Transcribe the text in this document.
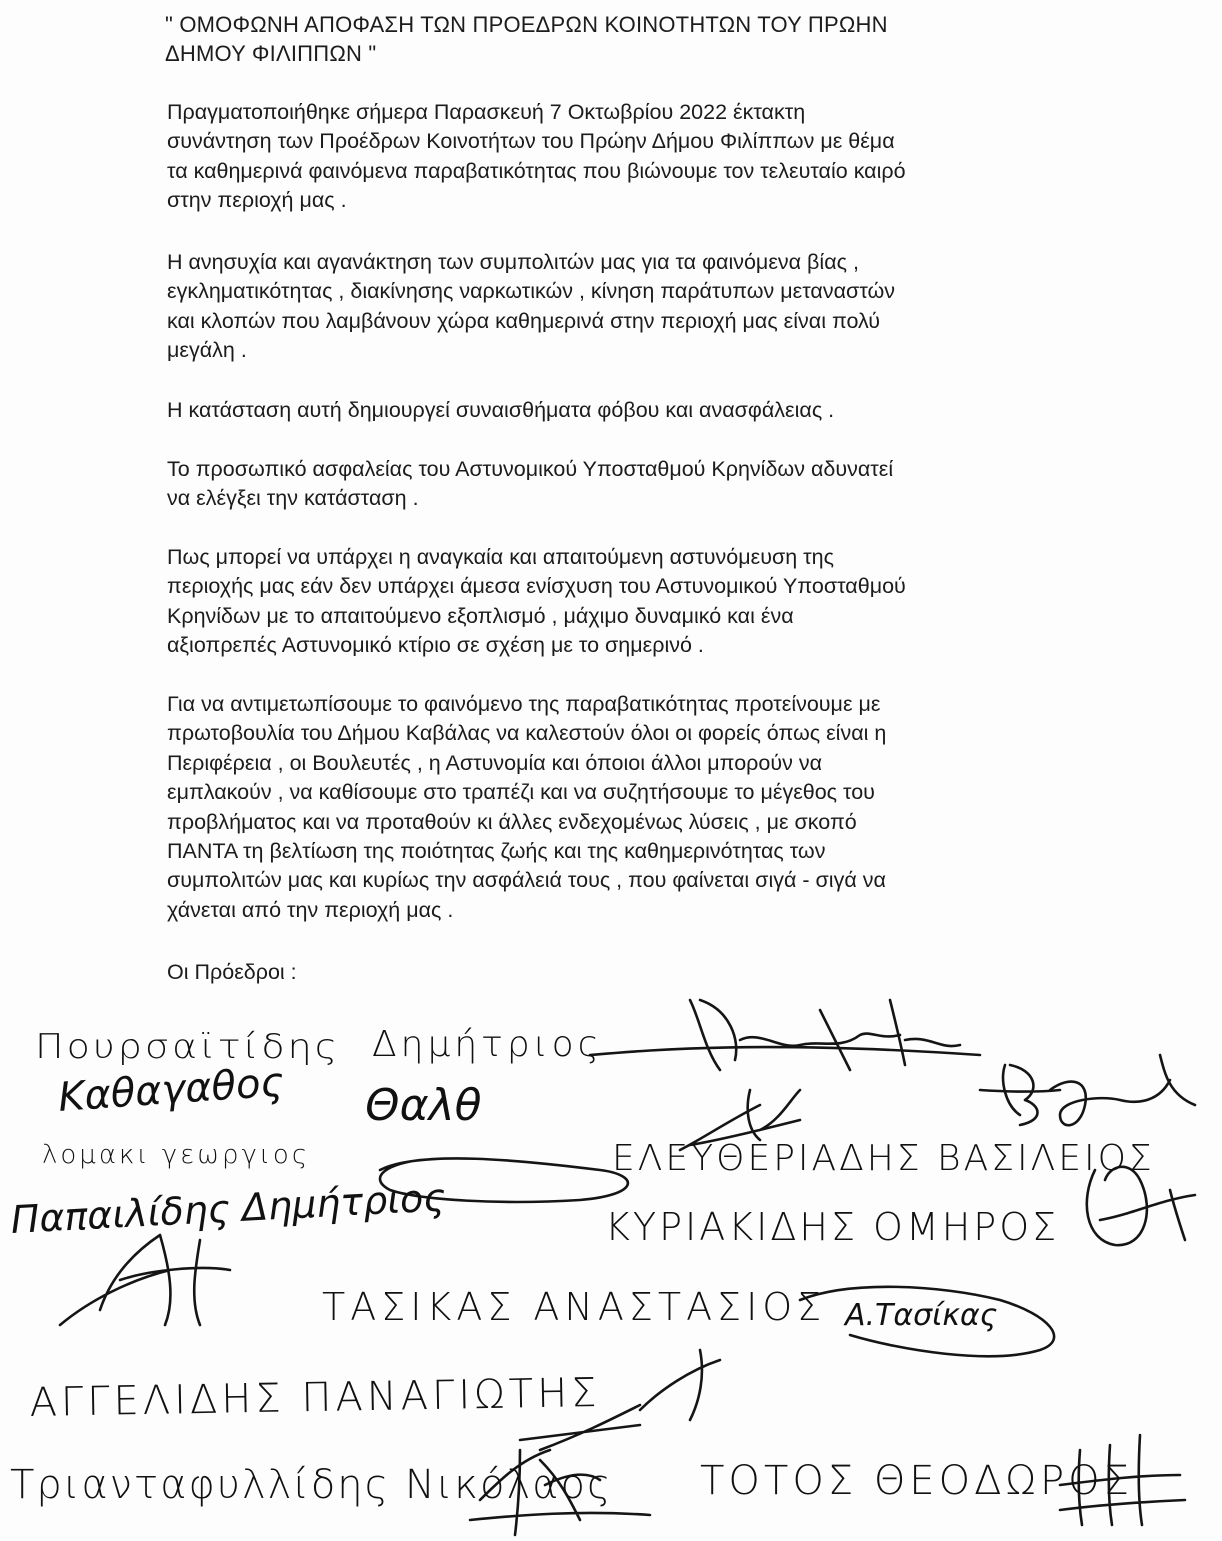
" ΟΜΟΦΩΝΗ ΑΠΟΦΑΣΗ ΤΩΝ ΠΡΟΕΔΡΩΝ ΚΟΙΝΟΤΗΤΩΝ ΤΟΥ ΠΡΩΗΝ
ΔΗΜΟΥ ΦΙΛΙΠΠΩΝ "

Πραγματοποιήθηκε σήμερα Παρασκευή 7 Οκτωβρίου 2022 έκτακτη
συνάντηση των Προέδρων Κοινοτήτων του Πρώην Δήμου Φιλίππων με θέμα
τα καθημερινά φαινόμενα παραβατικότητας που βιώνουμε τον τελευταίο καιρό
στην περιοχή μας .

Η ανησυχία και αγανάκτηση των συμπολιτών μας για τα φαινόμενα βίας ,
εγκληματικότητας , διακίνησης ναρκωτικών , κίνηση παράτυπων μεταναστών
και κλοπών που λαμβάνουν χώρα καθημερινά στην περιοχή μας είναι πολύ
μεγάλη .

Η κατάσταση αυτή δημιουργεί συναισθήματα φόβου και ανασφάλειας .

Το προσωπικό ασφαλείας του Αστυνομικού Υποσταθμού Κρηνίδων αδυνατεί
να ελέγξει την κατάσταση .

Πως μπορεί να υπάρχει η αναγκαία και απαιτούμενη αστυνόμευση της
περιοχής μας εάν δεν υπάρχει άμεσα ενίσχυση του Αστυνομικού Υποσταθμού
Κρηνίδων με το απαιτούμενο εξοπλισμό , μάχιμο δυναμικό και ένα
αξιοπρεπές Αστυνομικό κτίριο σε σχέση με το σημερινό .

Για να αντιμετωπίσουμε το φαινόμενο της παραβατικότητας προτείνουμε με
πρωτοβουλία του Δήμου Καβάλας να καλεστούν όλοι οι φορείς όπως είναι η
Περιφέρεια , οι Βουλευτές , η Αστυνομία και όποιοι άλλοι μπορούν να
εμπλακούν , να καθίσουμε στο τραπέζι και να συζητήσουμε το μέγεθος του
προβλήματος και να προταθούν κι άλλες ενδεχομένως λύσεις , με σκοπό
ΠΑΝΤΑ τη βελτίωση της ποιότητας ζωής και της καθημερινότητας των
συμπολιτών μας και κυρίως την ασφάλειά τους , που φαίνεται σιγά - σιγά να
χάνεται από την περιοχή μας .

Οι Πρόεδροι :

Πουρσαϊτίδης Δημήτριος

Καθαγαθος Θαλθ

λομακι γεωργιος	ΕΛΕΥΘΕΡΙΑΔΗΣ ΒΑΣΙΛΕΙΟΣ

Παπαιλίδης Δημήτριος	ΚΥΡΙΑΚΙΔΗΣ ΟΜΗΡΟΣ

ΤΑΣΙΚΑΣ ΑΝΑΣΤΑΣΙΟΣ Α.Τασίκας

ΑΓΓΕΛΙΔΗΣ ΠΑΝΑΓΙΩΤΗΣ

Τριανταφυλλίδης Νικόλαος ΤΟΤΟΣ ΘΕΟΔΩΡΟΣ
